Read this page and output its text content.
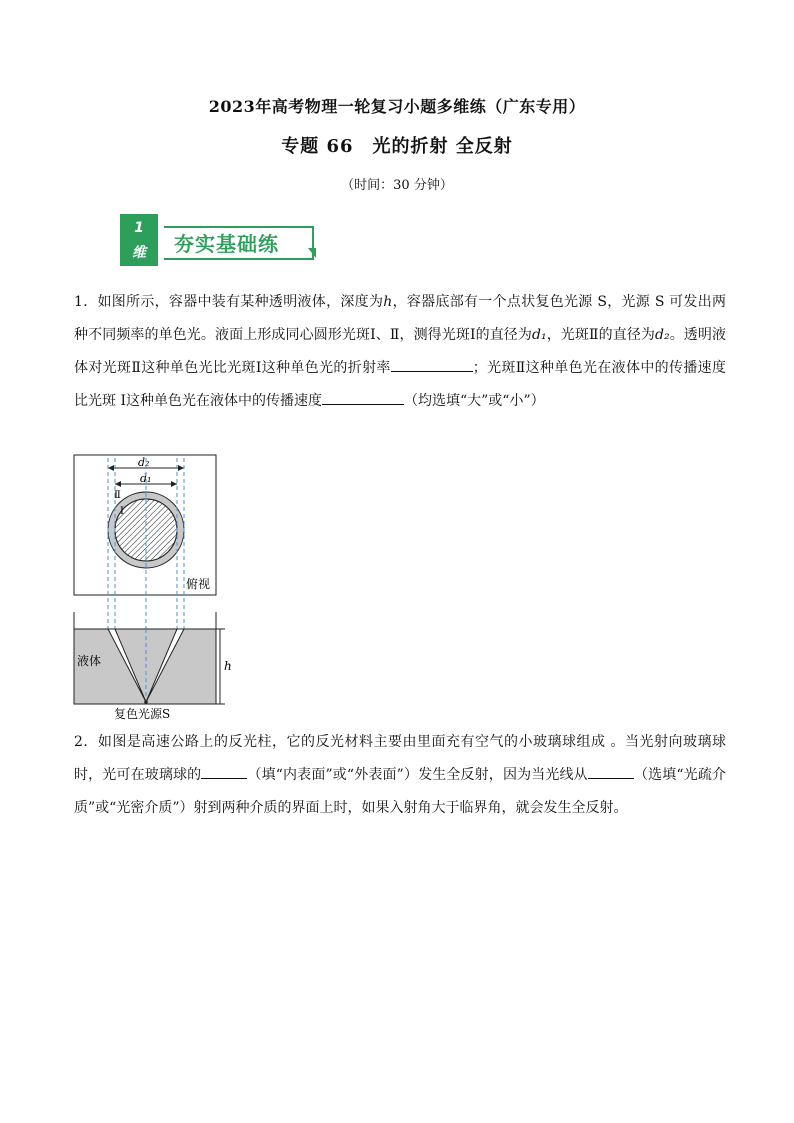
2023年高考物理一轮复习小题多维练（广东专用）
专题 66　光的折射 全反射
（时间：30 分钟）
1
维	夯实基础练
1．如图所示，容器中装有某种透明液体，深度为h，容器底部有一个点状复色光源 S，光源 S 可发出两种不同频率的单色光。液面上形成同心圆形光斑Ⅰ、Ⅱ，测得光斑Ⅰ的直径为d₁，光斑Ⅱ的直径为d₂。透明液体对光斑Ⅱ这种单色光比光斑Ⅰ这种单色光的折射率	；光斑Ⅱ这种单色光在液体中的传播速度比光斑 Ⅰ这种单色光在液体中的传播速度	（均选填“大”或“小”）
d₂
d₁
Ⅱ
Ⅰ
俯视
液体	h
复色光源S
2．如图是高速公路上的反光柱，它的反光材料主要由里面充有空气的小玻璃球组成 。当光射向玻璃球时，光可在玻璃球的	（填“内表面”或“外表面”）发生全反射，因为当光线从	（选填“光疏介质”或“光密介质”）射到两种介质的界面上时，如果入射角大于临界角，就会发生全反射。
